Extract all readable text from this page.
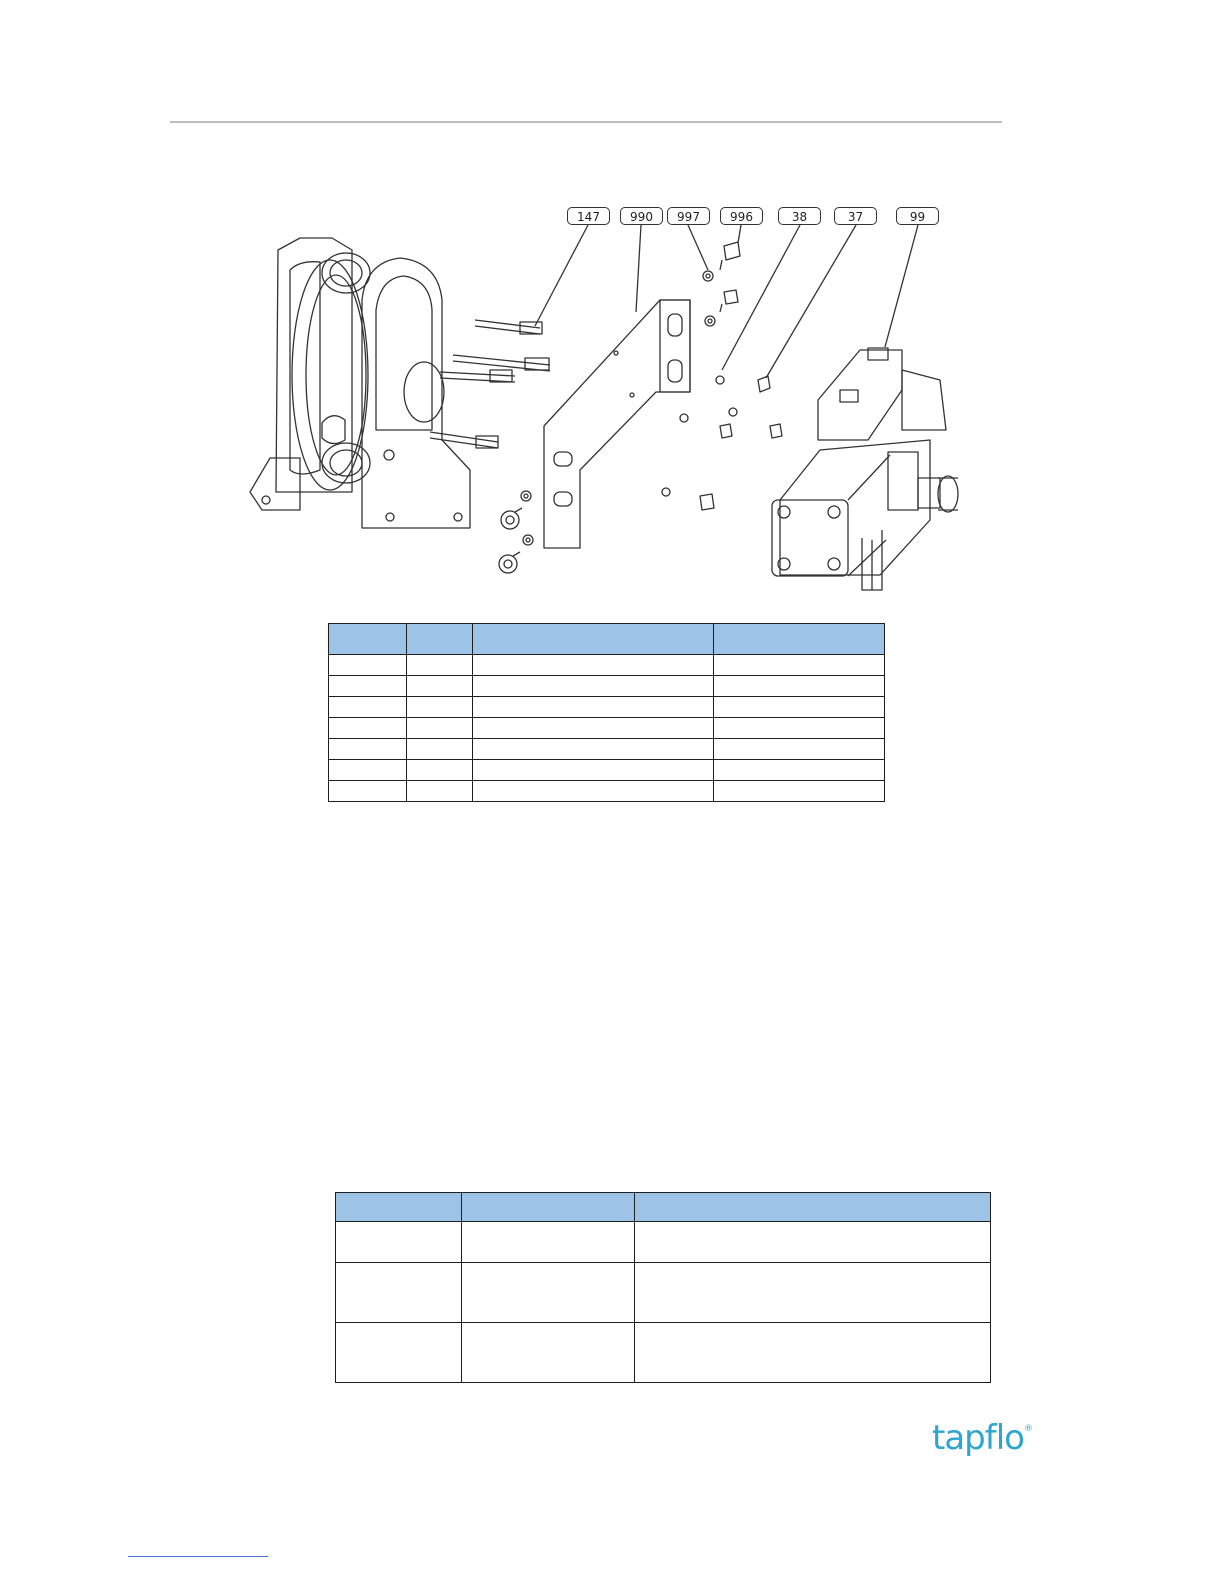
147	990	997	996	38	37	99

tapflo®
